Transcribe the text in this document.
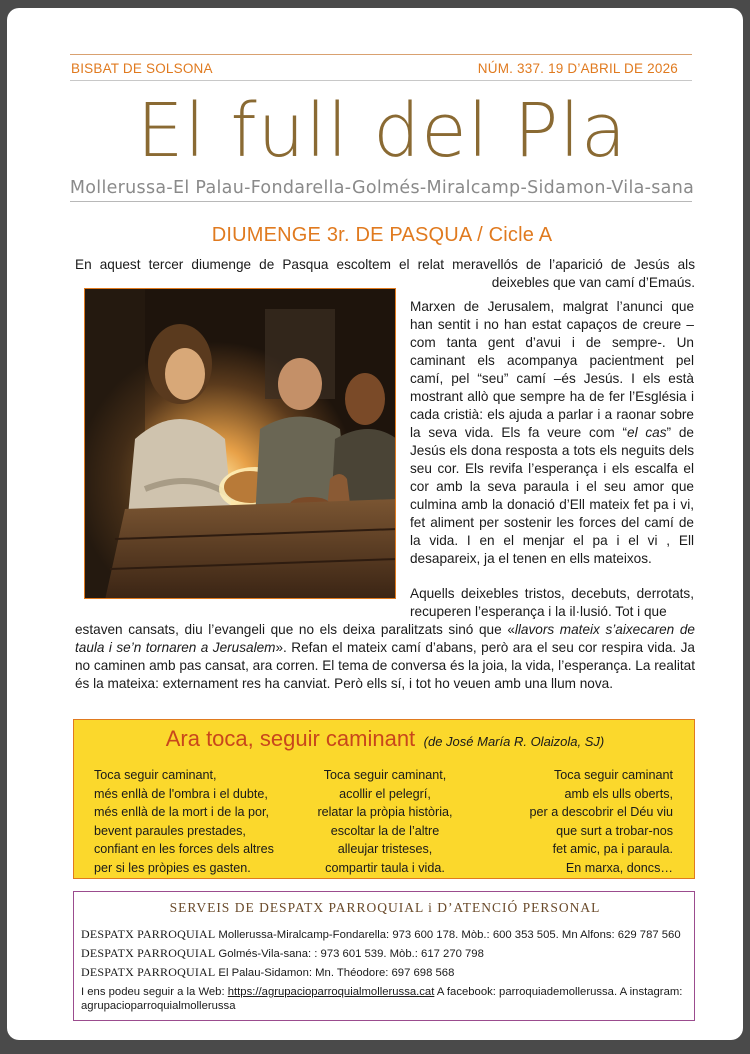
BISBAT DE SOLSONA	NÚM. 337. 19 D’ABRIL DE 2026
El full del Pla
Mollerussa-El Palau-Fondarella-Golmés-Miralcamp-Sidamon-Vila-sana
DIUMENGE 3r. DE PASQUA / Cicle A
En aquest tercer diumenge de Pasqua escoltem el relat meravellós de l’aparició de Jesús als deixebles que van camí d’Emaús.
Marxen de Jerusalem, malgrat l’anunci que han sentit i no han estat capaços de creure –com tanta gent d’avui i de sempre-. Un caminant els acompanya pacientment pel camí, pel “seu” camí –és Jesús. I els està mostrant allò que sempre ha de fer l’Església i cada cristià: els ajuda a parlar i a raonar sobre la seva vida. Els fa veure com “el cas” de Jesús els dona resposta a tots els neguits dels seu cor. Els revifa l’esperança i els escalfa el cor amb la seva paraula i el seu amor que culmina amb la donació d’Ell mateix fet pa i vi, fet aliment per sostenir les forces del camí de la vida. I en el menjar el pa i el vi , Ell desapareix, ja el tenen en ells mateixos.
Aquells deixebles tristos, decebuts, derrotats, recuperen l’esperança i la il·lusió. Tot i que
estaven cansats, diu l’evangeli que no els deixa paralitzats sinó que «llavors mateix s’aixecaren de taula i se’n tornaren a Jerusalem». Refan el mateix camí d’abans, però ara el seu cor respira vida. Ja no caminen amb pas cansat, ara corren. El tema de conversa és la joia, la vida, l’esperança. La realitat és la mateixa: externament res ha canviat. Però ells sí, i tot ho veuen amb una llum nova.
Ara toca, seguir caminant (de José María R. Olaizola, SJ)
Toca seguir caminant,
més enllà de l'ombra i el dubte,
més enllà de la mort i de la por,
bevent paraules prestades,
confiant en les forces dels altres
per si les pròpies es gasten.
Toca seguir caminant,
acollir el pelegrí,
relatar la pròpia història,
escoltar la de l’altre
alleujar tristeses,
compartir taula i vida.
Toca seguir caminant
amb els ulls oberts,
per a descobrir el Déu viu
que surt a trobar-nos
fet amic, pa i paraula.
En marxa, doncs…
SERVEIS DE DESPATX PARROQUIAL i D’ATENCIÓ PERSONAL
DESPATX PARROQUIAL Mollerussa-Miralcamp-Fondarella: 973 600 178. Mòb.: 600 353 505. Mn Alfons: 629 787 560
DESPATX PARROQUIAL Golmés-Vila-sana: : 973 601 539. Mòb.: 617 270 798
DESPATX PARROQUIAL El Palau-Sidamon: Mn. Théodore: 697 698 568
I ens podeu seguir a la Web: https://agrupacioparroquialmollerussa.cat A facebook: parroquiademollerussa. A instagram: agrupacioparroquialmollerussa
